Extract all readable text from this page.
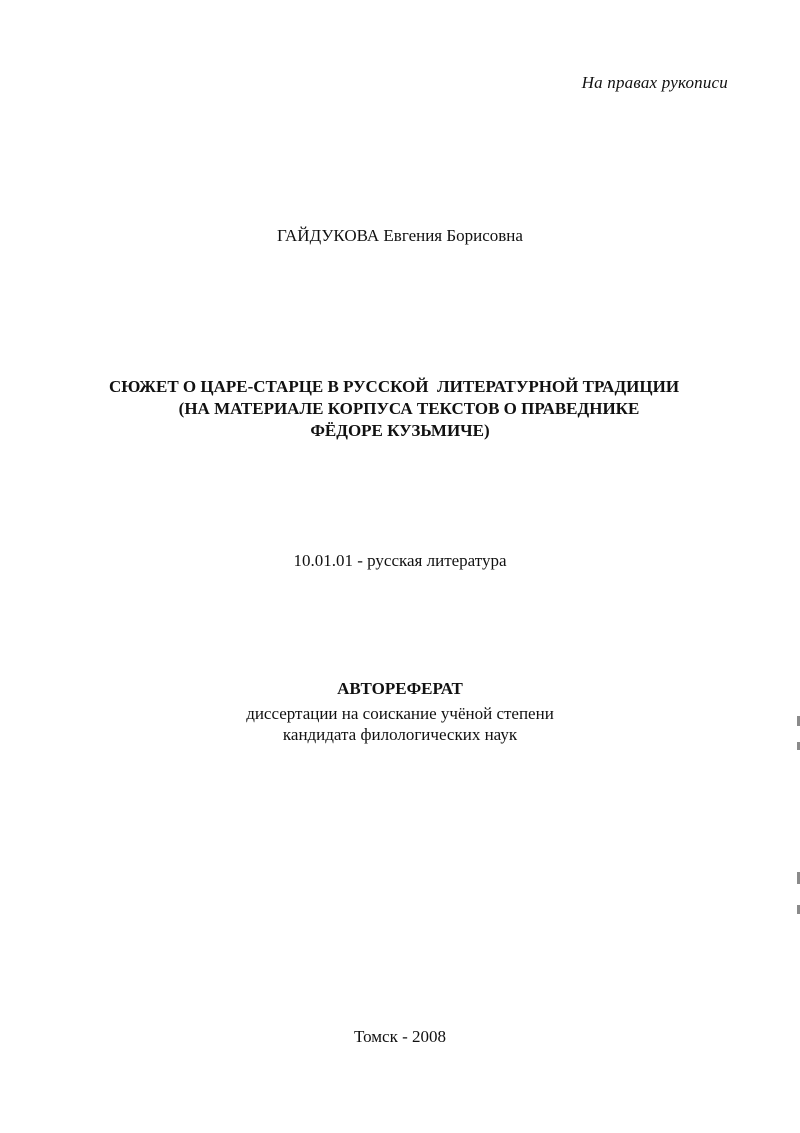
На правах рукописи
ГАЙДУКОВА Евгения Борисовна
СЮЖЕТ О ЦАРЕ-СТАРЦЕ В РУССКОЙ  ЛИТЕРАТУРНОЙ ТРАДИЦИИ
(НА МАТЕРИАЛЕ КОРПУСА ТЕКСТОВ О ПРАВЕДНИКЕ
ФЁДОРЕ КУЗЬМИЧЕ)
10.01.01 - русская литература
АВТОРЕФЕРАТ
диссертации на соискание учёной степени
кандидата филологических наук
Томск - 2008
